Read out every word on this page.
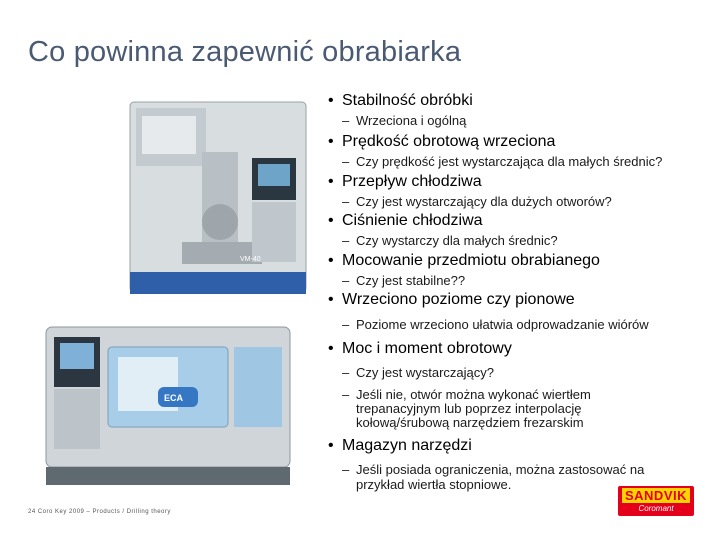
Co powinna zapewnić obrabiarka
VM-40
ECA
• Stabilność obróbki
– Wrzeciona i ogólną
• Prędkość obrotową wrzeciona
– Czy prędkość jest wystarczająca dla małych średnic?
• Przepływ chłodziwa
– Czy jest wystarczający dla dużych otworów?
• Ciśnienie chłodziwa
– Czy wystarczy dla małych średnic?
• Mocowanie przedmiotu obrabianego
– Czy jest stabilne??
• Wrzeciono poziome czy pionowe
– Poziome wrzeciono ułatwia odprowadzanie wiórów
• Moc i moment obrotowy
– Czy jest wystarczający?
– Jeśli nie, otwór można wykonać wiertłem
trepanacyjnym lub poprzez interpolację
kołową/śrubową narzędziem frezarskim
• Magazyn narzędzi
– Jeśli posiada ograniczenia, można zastosować na
przykład wiertła stopniowe.
24 Coro Key 2009 – Products / Drilling theory
SANDVIK
Coromant
